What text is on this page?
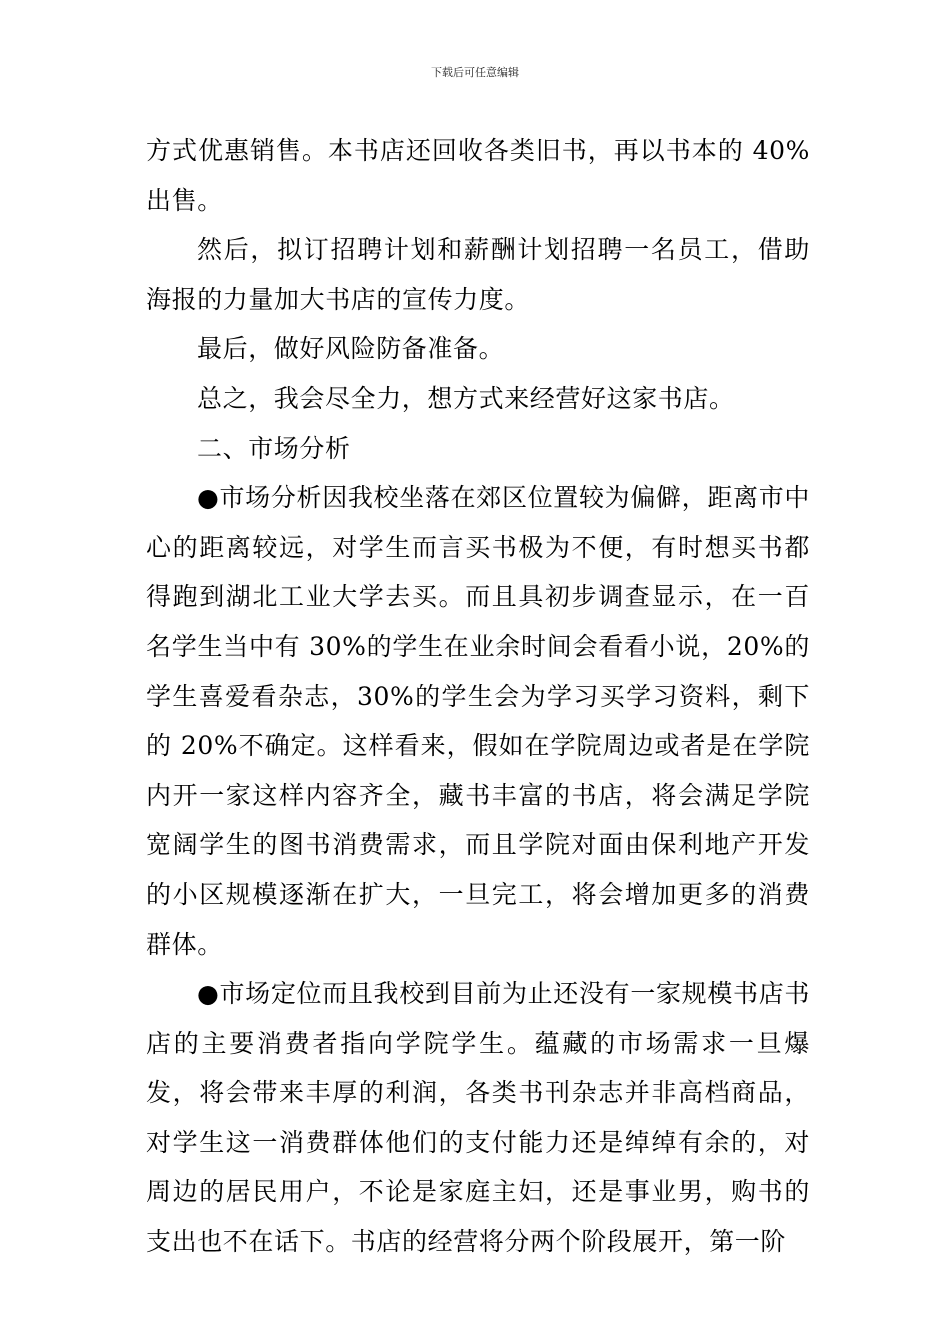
下载后可任意编辑

方式优惠销售。本书店还回收各类旧书，再以书本的 40%出售。

然后，拟订招聘计划和薪酬计划招聘一名员工，借助海报的力量加大书店的宣传力度。

最后，做好风险防备准备。

总之，我会尽全力，想方式来经营好这家书店。

二、市场分析

●市场分析因我校坐落在郊区位置较为偏僻，距离市中心的距离较远，对学生而言买书极为不便，有时想买书都得跑到湖北工业大学去买。而且具初步调查显示，在一百名学生当中有 30%的学生在业余时间会看看小说，20%的学生喜爱看杂志，30%的学生会为学习买学习资料，剩下的 20%不确定。这样看来，假如在学院周边或者是在学院内开一家这样内容齐全，藏书丰富的书店，将会满足学院宽阔学生的图书消费需求，而且学院对面由保利地产开发的小区规模逐渐在扩大，一旦完工，将会增加更多的消费群体。

●市场定位而且我校到目前为止还没有一家规模书店书店的主要消费者指向学院学生。蕴藏的市场需求一旦爆发，将会带来丰厚的利润，各类书刊杂志并非高档商品，对学生这一消费群体他们的支付能力还是绰绰有余的，对周边的居民用户，不论是家庭主妇，还是事业男，购书的支出也不在话下。书店的经营将分两个阶段展开，第一阶
